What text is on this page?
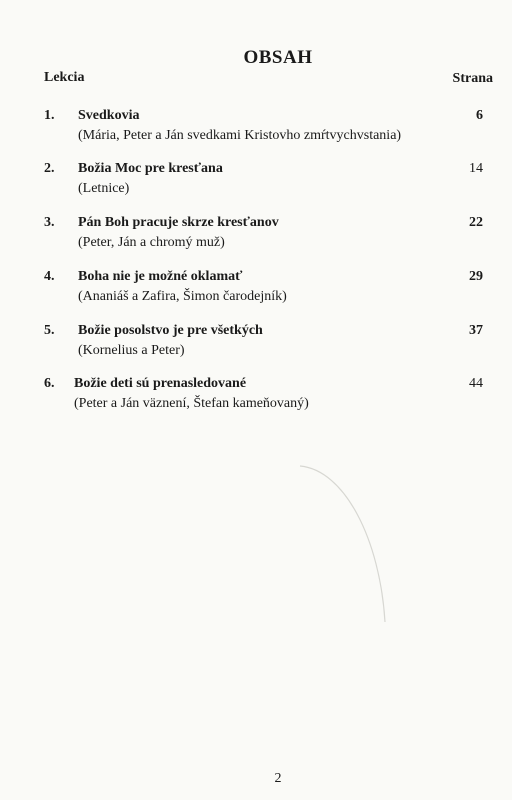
OBSAH
Lekcia	Strana
1. Svedkovia
(Mária, Peter a Ján svedkami Kristovho zmŕtvychvstania)
6
2. Božia Moc pre kresťana
(Letnice)
14
3. Pán Boh pracuje skrze kresťanov
(Peter, Ján a chromý muž)
22
4. Boha nie je možné oklamať
(Ananiáš a Zafira, Šimon čarodejník)
29
5. Božie posolstvo je pre všetkých
(Kornelius a Peter)
37
6. Božie deti sú prenasledované
(Peter a Ján väznení, Štefan kameňovaný)
44
2
